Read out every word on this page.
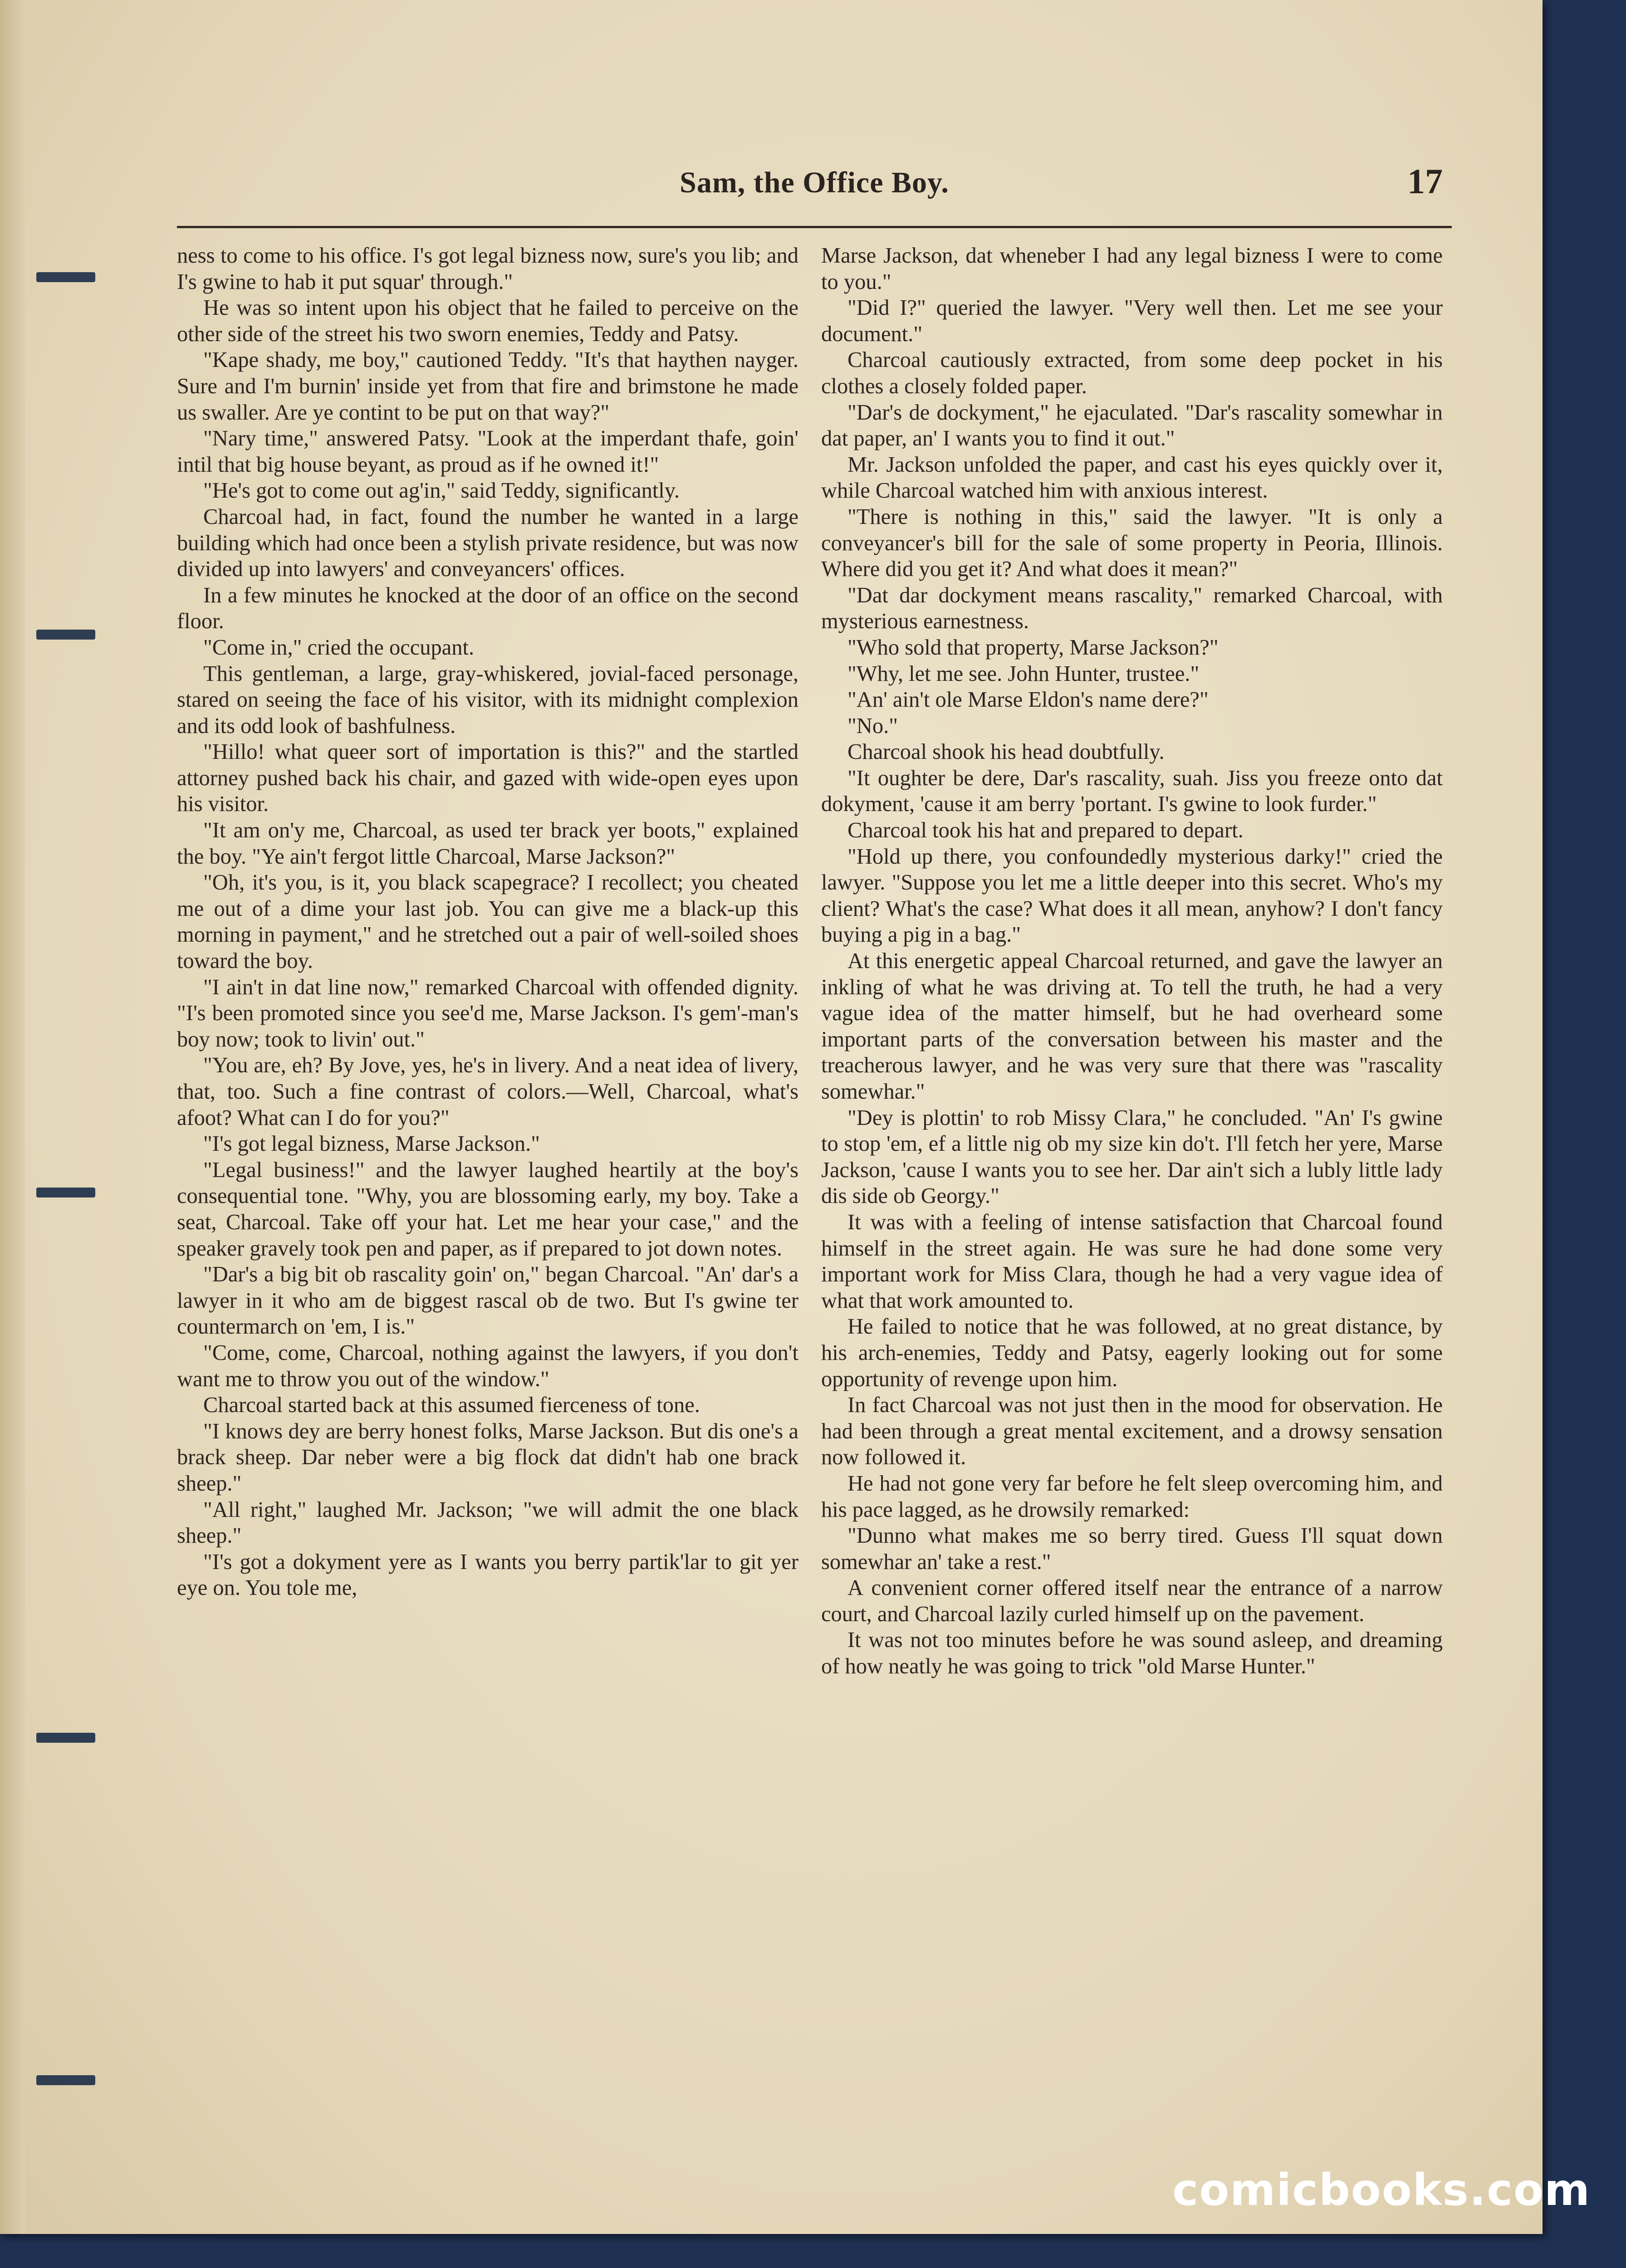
Sam, the Office Boy.	17

ness to come to his office. I's got legal bizness now, sure's you lib; and I's gwine to hab it put squar' through."

He was so intent upon his object that he failed to perceive on the other side of the street his two sworn enemies, Teddy and Patsy.

"Kape shady, me boy," cautioned Teddy. "It's that haythen nayger. Sure and I'm burnin' inside yet from that fire and brimstone he made us swaller. Are ye contint to be put on that way?"

"Nary time," answered Patsy. "Look at the imperdant thafe, goin' intil that big house beyant, as proud as if he owned it!"

"He's got to come out ag'in," said Teddy, significantly.

Charcoal had, in fact, found the number he wanted in a large building which had once been a stylish private residence, but was now divided up into lawyers' and conveyancers' offices.

In a few minutes he knocked at the door of an office on the second floor.

"Come in," cried the occupant.

This gentleman, a large, gray-whiskered, jovial-faced personage, stared on seeing the face of his visitor, with its midnight complexion and its odd look of bashfulness.

"Hillo! what queer sort of importation is this?" and the startled attorney pushed back his chair, and gazed with wide-open eyes upon his visitor.

"It am on'y me, Charcoal, as used ter brack yer boots," explained the boy. "Ye ain't fergot little Charcoal, Marse Jackson?"

"Oh, it's you, is it, you black scapegrace? I recollect; you cheated me out of a dime your last job. You can give me a black-up this morning in payment," and he stretched out a pair of well-soiled shoes toward the boy.

"I ain't in dat line now," remarked Charcoal with offended dignity. "I's been promoted since you see'd me, Marse Jackson. I's gem'-man's boy now; took to livin' out."

"You are, eh? By Jove, yes, he's in livery. And a neat idea of livery, that, too. Such a fine contrast of colors.—Well, Charcoal, what's afoot? What can I do for you?"

"I's got legal bizness, Marse Jackson."

"Legal business!" and the lawyer laughed heartily at the boy's consequential tone. "Why, you are blossoming early, my boy. Take a seat, Charcoal. Take off your hat. Let me hear your case," and the speaker gravely took pen and paper, as if prepared to jot down notes.

"Dar's a big bit ob rascality goin' on," began Charcoal. "An' dar's a lawyer in it who am de biggest rascal ob de two. But I's gwine ter countermarch on 'em, I is."

"Come, come, Charcoal, nothing against the lawyers, if you don't want me to throw you out of the window."

Charcoal started back at this assumed fierceness of tone.

"I knows dey are berry honest folks, Marse Jackson. But dis one's a brack sheep. Dar neber were a big flock dat didn't hab one brack sheep."

"All right," laughed Mr. Jackson; "we will admit the one black sheep."

"I's got a dokyment yere as I wants you berry partik'lar to git yer eye on. You tole me,

Marse Jackson, dat wheneber I had any legal bizness I were to come to you."

"Did I?" queried the lawyer. "Very well then. Let me see your document."

Charcoal cautiously extracted, from some deep pocket in his clothes a closely folded paper.

"Dar's de dockyment," he ejaculated. "Dar's rascality somewhar in dat paper, an' I wants you to find it out."

Mr. Jackson unfolded the paper, and cast his eyes quickly over it, while Charcoal watched him with anxious interest.

"There is nothing in this," said the lawyer. "It is only a conveyancer's bill for the sale of some property in Peoria, Illinois. Where did you get it? And what does it mean?"

"Dat dar dockyment means rascality," remarked Charcoal, with mysterious earnestness.

"Who sold that property, Marse Jackson?"

"Why, let me see. John Hunter, trustee."

"An' ain't ole Marse Eldon's name dere?"

"No."

Charcoal shook his head doubtfully.

"It oughter be dere, Dar's rascality, suah. Jiss you freeze onto dat dokyment, 'cause it am berry 'portant. I's gwine to look furder."

Charcoal took his hat and prepared to depart.

"Hold up there, you confoundedly mysterious darky!" cried the lawyer. "Suppose you let me a little deeper into this secret. Who's my client? What's the case? What does it all mean, anyhow? I don't fancy buying a pig in a bag."

At this energetic appeal Charcoal returned, and gave the lawyer an inkling of what he was driving at. To tell the truth, he had a very vague idea of the matter himself, but he had overheard some important parts of the conversation between his master and the treacherous lawyer, and he was very sure that there was "rascality somewhar."

"Dey is plottin' to rob Missy Clara," he concluded. "An' I's gwine to stop 'em, ef a little nig ob my size kin do't. I'll fetch her yere, Marse Jackson, 'cause I wants you to see her. Dar ain't sich a lubly little lady dis side ob Georgy."

It was with a feeling of intense satisfaction that Charcoal found himself in the street again. He was sure he had done some very important work for Miss Clara, though he had a very vague idea of what that work amounted to.

He failed to notice that he was followed, at no great distance, by his arch-enemies, Teddy and Patsy, eagerly looking out for some opportunity of revenge upon him.

In fact Charcoal was not just then in the mood for observation. He had been through a great mental excitement, and a drowsy sensation now followed it.

He had not gone very far before he felt sleep overcoming him, and his pace lagged, as he drowsily remarked:

"Dunno what makes me so berry tired. Guess I'll squat down somewhar an' take a rest."

A convenient corner offered itself near the entrance of a narrow court, and Charcoal lazily curled himself up on the pavement.

It was not too minutes before he was sound asleep, and dreaming of how neatly he was going to trick "old Marse Hunter."

comicbooks.com
